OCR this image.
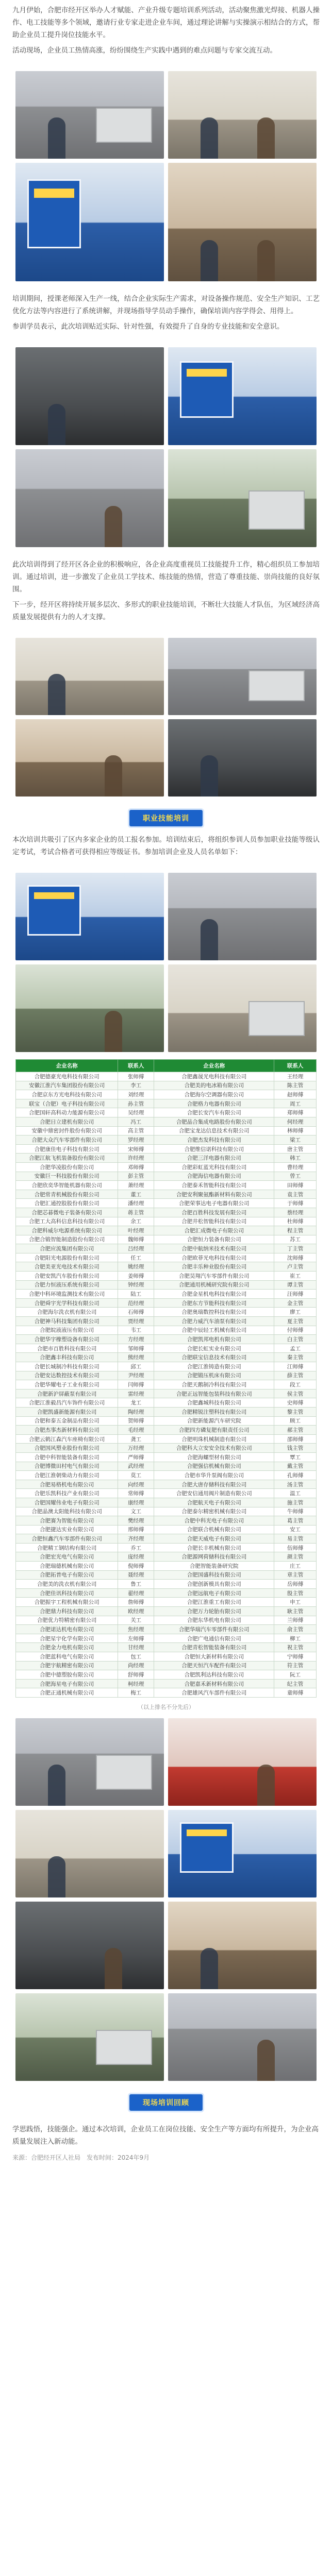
九月伊始，合肥市经开区举办人才赋能、产业升级专题培训系列活动，活动聚焦激光焊接、机器人操作、电工技能等多个领域，邀请行业专家走进企业车间，通过理论讲解与实操演示相结合的方式，帮助企业员工提升岗位技能水平。

活动现场，企业员工热情高涨，纷纷围绕生产实践中遇到的难点问题与专家交流互动。

培训期间，授课老师深入生产一线，结合企业实际生产需求，对设备操作规范、安全生产知识、工艺优化方法等内容进行了系统讲解，并现场指导学员动手操作，确保培训内容学得会、用得上。

参训学员表示，此次培训贴近实际、针对性强，有效提升了自身的专业技能和安全意识。

此次培训得到了经开区各企业的积极响应，各企业高度重视员工技能提升工作，精心组织员工参加培训。通过培训，进一步激发了企业员工学技术、练技能的热情，营造了尊重技能、崇尚技能的良好氛围。

下一步，经开区将持续开展多层次、多形式的职业技能培训，不断壮大技能人才队伍，为区域经济高质量发展提供有力的人才支撑。

职业技能培训

本次培训共吸引了区内多家企业的员工报名参加。培训结束后，将组织参训人员参加职业技能等级认定考试，考试合格者可获得相应等级证书。参加培训企业及人员名单如下：

企业名称	联系人	企业名称	联系人
合肥德豪光电科技有限公司	张师傅	合肥鑫晟光电科技有限公司	王经理
安徽江淮汽车集团股份有限公司	李工	合肥美的电冰箱有限公司	陈主管
合肥京东方光电科技有限公司	刘经理	合肥海尔空调器有限公司	赵师傅
联宝（合肥）电子科技有限公司	孙主管	合肥格力电器有限公司	周工
合肥国轩高科动力能源有限公司	吴经理	合肥长安汽车有限公司	郑师傅
合肥日立建机有限公司	冯工	合肥晶合集成电路股份有限公司	何经理
安徽中鼎密封件股份有限公司	高主管	合肥宝龙达信息技术有限公司	林师傅
合肥大众汽车零部件有限公司	罗经理	合肥杰发科技有限公司	梁工
合肥康佳电子科技有限公司	宋师傅	合肥维信诺科技有限公司	唐主管
合肥江航飞机装备股份有限公司	许经理	合肥三洋电器有限公司	韩工
合肥华凌股份有限公司	邓师傅	合肥彩虹蓝光科技有限公司	曹经理
安徽巨一科技股份有限公司	彭主管	合肥海信电器有限公司	曾工
合肥欣奕华智能机器有限公司	萧经理	合肥泰禾智能科技有限公司	田师傅
合肥常青机械股份有限公司	董工	合肥安利聚氨酯新材料有限公司	袁主管
合肥汇通控股股份有限公司	潘经理	合肥荣事达电子电器有限公司	于师傅
合肥芯碁微电子装备有限公司	蒋主管	合肥百胜科技发展有限公司	蔡经理
合肥工大高科信息科技有限公司	余工	合肥井松智能科技有限公司	杜师傅
合肥科威尔电源系统有限公司	叶经理	合肥汇成微电子有限公司	程主管
合肥合锻智能制造股份有限公司	魏师傅	合肥恒力装备有限公司	苏工
合肥应流集团有限公司	吕经理	合肥中航纳米技术有限公司	丁主管
合肥阳光电源股份有限公司	任工	合肥欧菲光电科技有限公司	沈师傅
合肥美亚光电技术有限公司	姚经理	合肥丰乐种业股份有限公司	卢主管
合肥安凯汽车股份有限公司	姜师傅	合肥昊翔汽车零部件有限公司	崔工
合肥力恒液压系统有限公司	钟经理	合肥通用机械研究院有限公司	谭主管
合肥中科环境监测技术有限公司	陆工	合肥金星机电科技有限公司	汪师傅
合肥舜宇光学科技有限公司	范经理	合肥东方节能科技有限公司	金主管
合肥海尔洗衣机有限公司	石师傅	合肥奥瑞数控科技有限公司	廖工
合肥神马科技集团有限公司	贾经理	合肥力威汽车油泵有限公司	夏主管
合肥皖液液压有限公司	韦工	合肥中辰轻工机械有限公司	付师傅
合肥华宇橡塑设备有限公司	方经理	合肥凯邦电机有限公司	白主管
合肥市百胜科技有限公司	邹师傅	合肥长虹实业有限公司	孟工
合肥鑫丰科技有限公司	熊经理	合肥联宝信息技术有限公司	秦主管
合肥长城制冷科技有限公司	邱工	合肥江淮铸造有限公司	江师傅
合肥安达数控技术有限公司	尹经理	合肥锻压机床有限公司	薛主管
合肥华耀电子工业有限公司	闫师傅	合肥天鹅制冷科技有限公司	段工
合肥新沪屏蔽泵有限公司	雷经理	合肥正远智能包装科技有限公司	侯主管
合肥江淮毅昌汽车饰件有限公司	龙工	合肥鑫城科技有限公司	史师傅
合肥凯盛新能源有限公司	陶经理	合肥精锐注塑科技有限公司	黎主管
合肥和泰五金制品有限公司	贺师傅	合肥新能源汽车研究院	顾工
合肥杰事杰新材料有限公司	毛经理	合肥四方磷复肥有限责任公司	郝主管
合肥云鹤江森汽车座椅有限公司	龚工	合肥明珠机械制造有限公司	邵师傅
合肥国风塑业股份有限公司	万经理	合肥科大立安安全技术有限公司	钱主管
合肥中科智能装备有限公司	严师傅	合肥海螺型材有限公司	覃工
合肥博微田村电气有限公司	武经理	合肥强信机械有限公司	戴主管
合肥江淮朝柴动力有限公司	莫工	合肥市华升泵阀有限公司	孔师傅
合肥易格机电有限公司	向经理	合肥大唐存储科技有限公司	汤主管
合肥乐凯科技产业有限公司	常师傅	合肥安信通用阀片制造有限公司	温工
合肥国耀伟业电子有限公司	康经理	合肥航天电子有限公司	施主管
合肥晶澳太阳能科技有限公司	文工	合肥泰尔精密机械有限公司	牛师傅
合肥赛为智能有限公司	樊经理	合肥中科光电子有限公司	葛主管
合肥捷达实业有限公司	邢师傅	合肥联合机械有限公司	安工
合肥恒鑫汽车零部件有限公司	齐经理	合肥天威电子有限公司	易主管
合肥精工钢结构有限公司	乔工	合肥长丰机械有限公司	伍师傅
合肥宏光电气有限公司	庞经理	合肥源网荷储科技有限公司	颜主管
合肥瑞德机械有限公司	倪师傅	合肥智能装备研究院	庄工
合肥拓普电子有限公司	聂经理	合肥国盛科技有限公司	章主管
合肥美的洗衣机有限公司	鲁工	合肥创新模具有限公司	岳师傅
合肥佳讯科技有限公司	翟经理	合肥远航电子有限公司	殷主管
合肥振宇工程机械有限公司	詹师傅	合肥江淮重工有限公司	申工
合肥鼎力科技有限公司	欧经理	合肥万力轮胎有限公司	耿主管
合肥优力特精密有限公司	关工	合肥东华机电有限公司	兰师傅
合肥诺达机电有限公司	焦经理	合肥华瑞汽车零部件有限公司	俞主管
合肥星宇化学有限公司	左师傅	合肥广电通信有限公司	柳工
合肥金力电机有限公司	甘经理	合肥青松智能装备有限公司	祝主管
合肥蓝科电气有限公司	包工	合肥恒大新材料有限公司	宁师傅
合肥宇航精密有限公司	尚经理	合肥天恒汽车配件有限公司	符主管
合肥中德塑胶有限公司	舒师傅	合肥凯利达科技有限公司	阮工
合肥海星电子有限公司	柯经理	合肥嘉禾新材料有限公司	纪主管
合肥正通机械有限公司	梅工	合肥雄风汽车部件有限公司	童师傅
（以上排名不分先后）
现场培训回顾

学思践悟，技能强企。通过本次培训，企业员工在岗位技能、安全生产等方面均有所提升，为企业高质量发展注入新动能。

来源：合肥经开区人社局　发布时间：2024年9月
